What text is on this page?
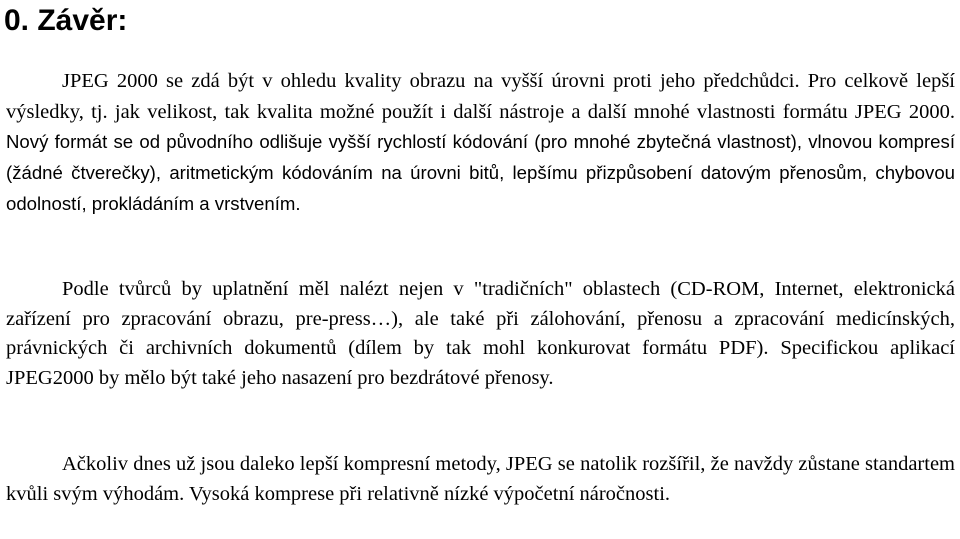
0. Závěr:

JPEG 2000 se zdá být v ohledu kvality obrazu na vyšší úrovni proti jeho předchůdci. Pro celkově lepší výsledky, tj. jak velikost, tak kvalita možné použít i další nástroje a další mnohé vlastnosti formátu JPEG 2000. Nový formát se od původního odlišuje vyšší rychlostí kódování (pro mnohé zbytečná vlastnost), vlnovou kompresí (žádné čtverečky), aritmetickým kódováním na úrovni bitů, lepšímu přizpůsobení datovým přenosům, chybovou odolností, prokládáním a vrstvením.

Podle tvůrců by uplatnění měl nalézt nejen v "tradičních" oblastech (CD-ROM, Internet, elektronická zařízení pro zpracování obrazu, pre-press…), ale také při zálohování, přenosu a zpracování medicínských, právnických či archivních dokumentů (dílem by tak mohl konkurovat formátu PDF). Specifickou aplikací JPEG2000 by mělo být také jeho nasazení pro bezdrátové přenosy.

Ačkoliv dnes už jsou daleko lepší kompresní metody, JPEG se natolik rozšířil, že navždy zůstane standartem kvůli svým výhodám. Vysoká komprese při relativně nízké výpočetní náročnosti.
